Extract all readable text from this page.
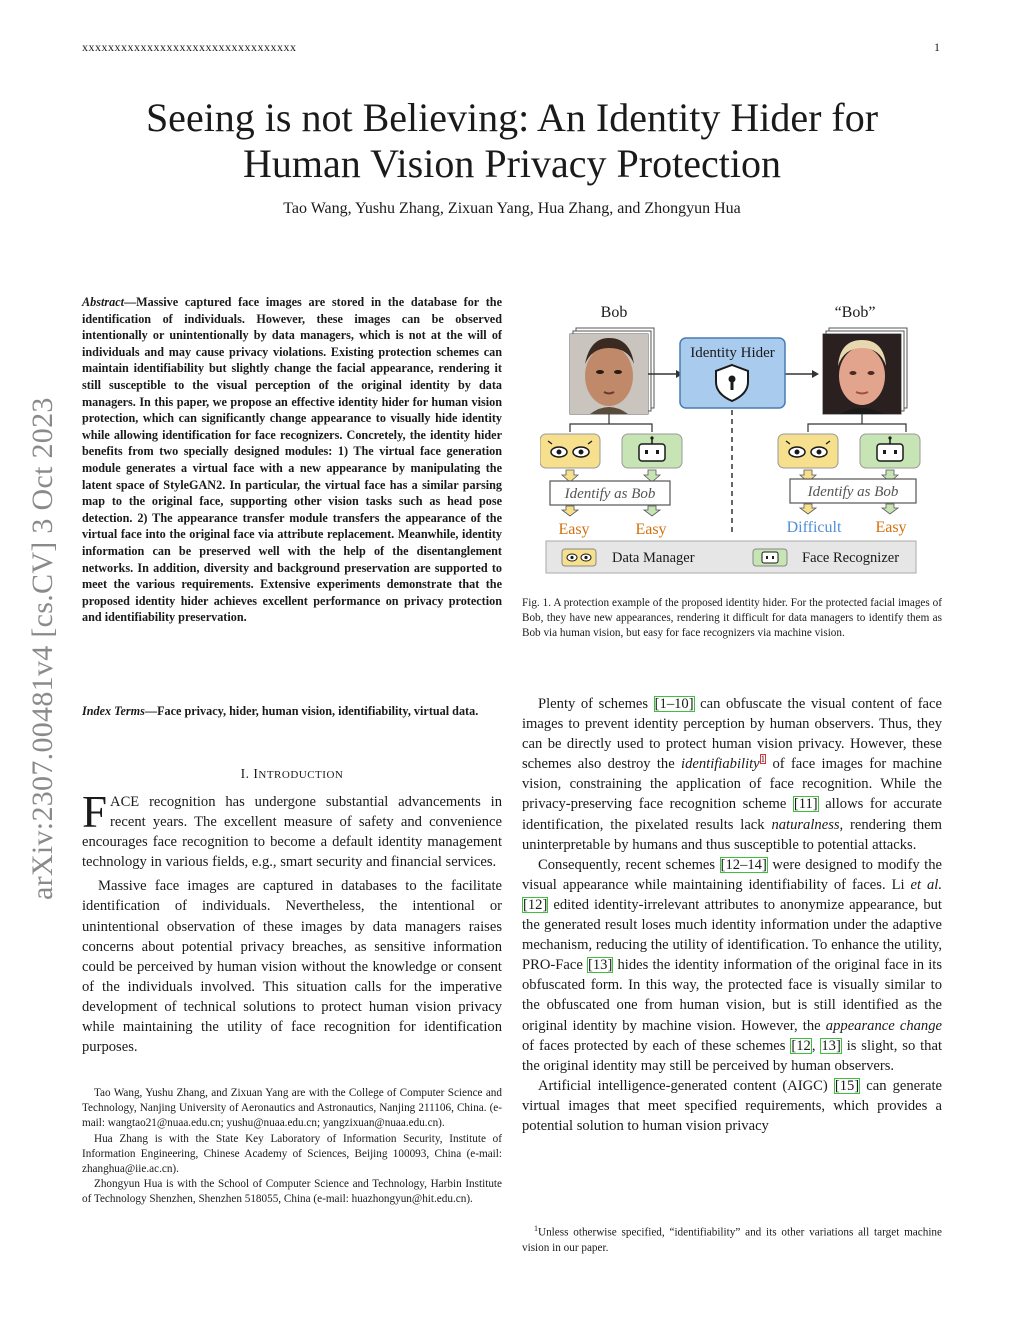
xxxxxxxxxxxxxxxxxxxxxxxxxxxxxxxxx	1
Seeing is not Believing: An Identity Hider for
Human Vision Privacy Protection
Tao Wang, Yushu Zhang, Zixuan Yang, Hua Zhang, and Zhongyun Hua
arXiv:2307.00481v4 [cs.CV] 3 Oct 2023
Abstract—Massive captured face images are stored in the database for the identification of individuals. However, these images can be observed intentionally or unintentionally by data managers, which is not at the will of individuals and may cause privacy violations. Existing protection schemes can maintain identifiability but slightly change the facial appearance, rendering it still susceptible to the visual perception of the original identity by data managers. In this paper, we propose an effective identity hider for human vision protection, which can significantly change appearance to visually hide identity while allowing identification for face recognizers. Concretely, the identity hider benefits from two specially designed modules: 1) The virtual face generation module generates a virtual face with a new appearance by manipulating the latent space of StyleGAN2. In particular, the virtual face has a similar parsing map to the original face, supporting other vision tasks such as head pose detection. 2) The appearance transfer module transfers the appearance of the virtual face into the original face via attribute replacement. Meanwhile, identity information can be preserved well with the help of the disentanglement networks. In addition, diversity and background preservation are supported to meet the various requirements. Extensive experiments demonstrate that the proposed identity hider achieves excellent performance on privacy protection and identifiability preservation.
Index Terms—Face privacy, hider, human vision, identifiability, virtual data.
I. INTRODUCTION

FACE recognition has undergone substantial advancements in recent years. The excellent measure of safety and convenience encourages face recognition to become a default identity management technology in various fields, e.g., smart security and financial services.

Massive face images are captured in databases to the facilitate identification of individuals. Nevertheless, the intentional or unintentional observation of these images by data managers raises concerns about potential privacy breaches, as sensitive information could be perceived by human vision without the knowledge or consent of the individuals involved. This situation calls for the imperative development of technical solutions to protect human vision privacy while maintaining the utility of face recognition for identification purposes.

Tao Wang, Yushu Zhang, and Zixuan Yang are with the College of Computer Science and Technology, Nanjing University of Aeronautics and Astronautics, Nanjing 211106, China. (e-mail: wangtao21@nuaa.edu.cn; yushu@nuaa.edu.cn; yangzixuan@nuaa.edu.cn).

Hua Zhang is with the State Key Laboratory of Information Security, Institute of Information Engineering, Chinese Academy of Sciences, Beijing 100093, China (e-mail: zhanghua@iie.ac.cn).

Zhongyun Hua is with the School of Computer Science and Technology, Harbin Institute of Technology Shenzhen, Shenzhen 518055, China (e-mail: huazhongyun@hit.edu.cn).

Bob	“Bob”
Identity Hider
Identify as Bob	Identify as Bob
Easy	Easy	Difficult Easy
Data Manager	Face Recognizer
Fig. 1. A protection example of the proposed identity hider. For the protected facial images of Bob, they have new appearances, rendering it difficult for data managers to identify them as Bob via human vision, but easy for face recognizers via machine vision.

Plenty of schemes [1–10] can obfuscate the visual content of face images to prevent identity perception by human observers. Thus, they can be directly used to protect human vision privacy. However, these schemes also destroy the identifiability$^1$ of face images for machine vision, constraining the application of face recognition. While the privacy-preserving face recognition scheme [11] allows for accurate identification, the pixelated results lack naturalness, rendering them uninterpretable by humans and thus susceptible to potential attacks.

Consequently, recent schemes [12–14] were designed to modify the visual appearance while maintaining identifiability of faces. Li et al. [12] edited identity-irrelevant attributes to anonymize appearance, but the generated result loses much identity information under the adaptive mechanism, reducing the utility of identification. To enhance the utility, PRO-Face [13] hides the identity information of the original face in its obfuscated form. In this way, the protected face is visually similar to the obfuscated one from human vision, but is still identified as the original identity by machine vision. However, the appearance change of faces protected by each of these schemes [12, 13] is slight, so that the original identity may still be perceived by human observers.

Artificial intelligence-generated content (AIGC) [15] can generate virtual images that meet specified requirements, which provides a potential solution to human vision privacy

$^1$Unless otherwise specified, “identifiability” and its other variations all target machine vision in our paper.
